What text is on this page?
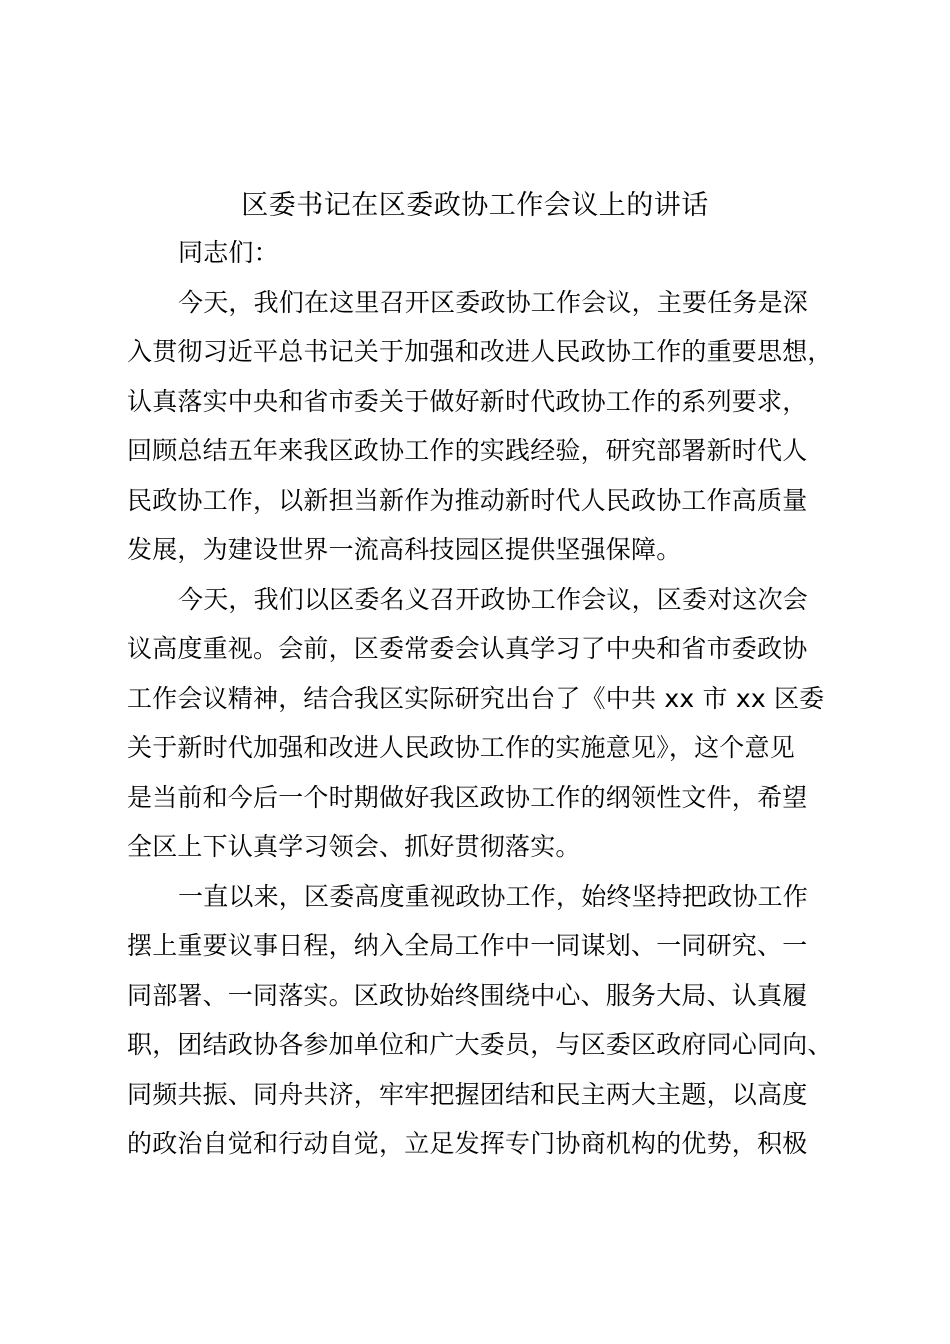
区委书记在区委政协工作会议上的讲话
同志们：
今天，我们在这里召开区委政协工作会议，主要任务是深
入贯彻习近平总书记关于加强和改进人民政协工作的重要思想，
认真落实中央和省市委关于做好新时代政协工作的系列要求，
回顾总结五年来我区政协工作的实践经验，研究部署新时代人
民政协工作，以新担当新作为推动新时代人民政协工作高质量
发展，为建设世界一流高科技园区提供坚强保障。
今天，我们以区委名义召开政协工作会议，区委对这次会
议高度重视。会前，区委常委会认真学习了中央和省市委政协
工作会议精神，结合我区实际研究出台了《中共 xx 市 xx 区委
关于新时代加强和改进人民政协工作的实施意见》，这个意见
是当前和今后一个时期做好我区政协工作的纲领性文件，希望
全区上下认真学习领会、抓好贯彻落实。
一直以来，区委高度重视政协工作，始终坚持把政协工作
摆上重要议事日程，纳入全局工作中一同谋划、一同研究、一
同部署、一同落实。区政协始终围绕中心、服务大局、认真履
职，团结政协各参加单位和广大委员，与区委区政府同心同向、
同频共振、同舟共济，牢牢把握团结和民主两大主题，以高度
的政治自觉和行动自觉，立足发挥专门协商机构的优势，积极
